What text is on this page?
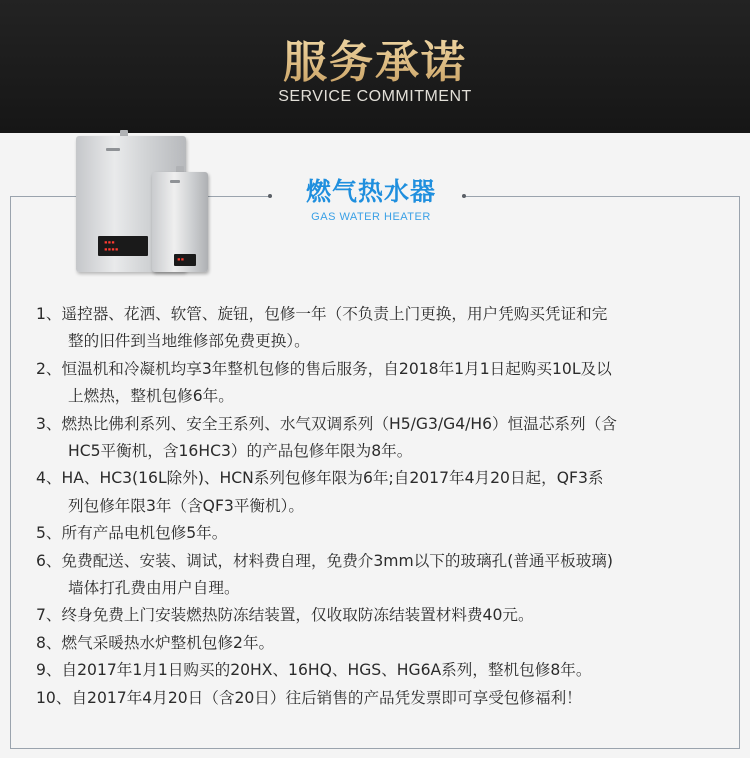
服务承诺
SERVICE COMMITMENT
▪▪▪
▪▪▪▪
▪▪
燃气热水器
GAS WATER HEATER
1、遥控器、花洒、软管、旋钮，包修一年（不负责上门更换，用户凭购买凭证和完
整的旧件到当地维修部免费更换）。
2、恒温机和冷凝机均享3年整机包修的售后服务，自2018年1月1日起购买10L及以
上燃热，整机包修6年。
3、燃热比佛利系列、安全王系列、水气双调系列（H5/G3/G4/H6）恒温芯系列（含
HC5平衡机，含16HC3）的产品包修年限为8年。
4、HA、HC3(16L除外)、HCN系列包修年限为6年;自2017年4月20日起，QF3系
列包修年限3年（含QF3平衡机）。
5、所有产品电机包修5年。
6、免费配送、安装、调试，材料费自理，免费介3mm以下的玻璃孔(普通平板玻璃)
墙体打孔费由用户自理。
7、终身免费上门安装燃热防冻结装置，仅收取防冻结装置材料费40元。
8、燃气采暖热水炉整机包修2年。
9、自2017年1月1日购买的20HX、16HQ、HGS、HG6A系列，整机包修8年。
10、自2017年4月20日（含20日）往后销售的产品凭发票即可享受包修福利！
